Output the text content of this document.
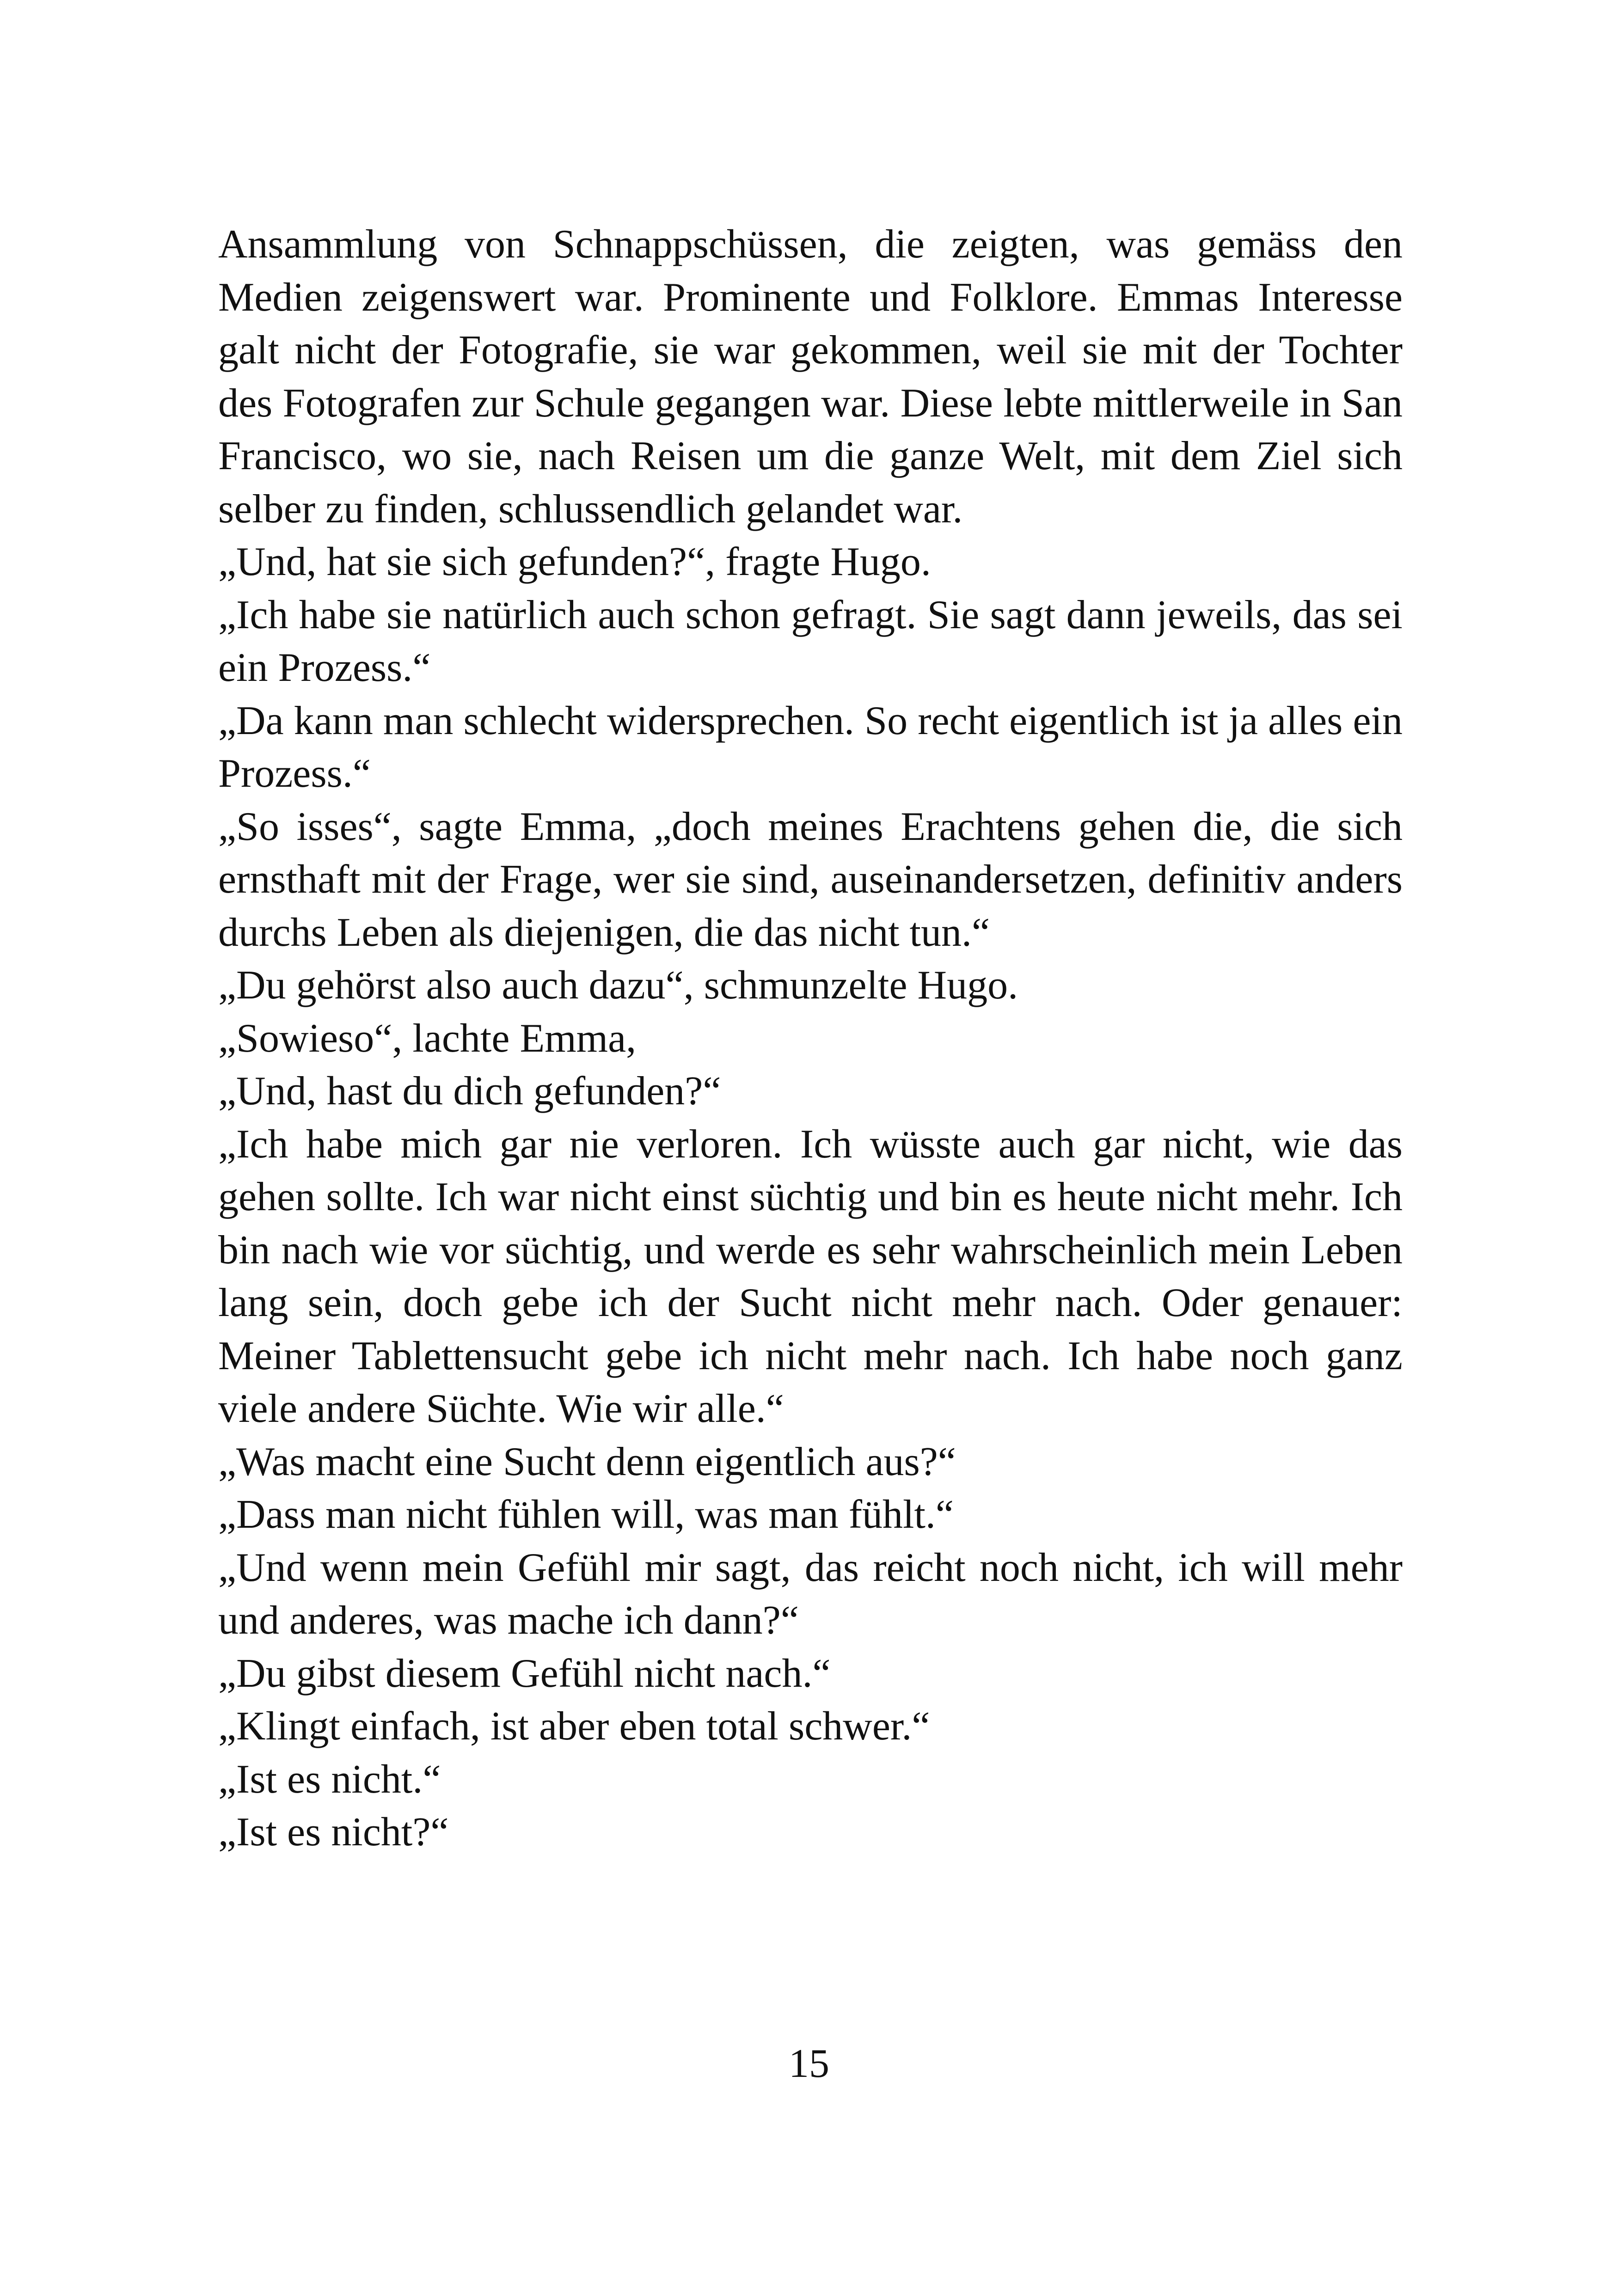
Ansammlung von Schnappschüssen, die zeigten, was gemäss den Medien zeigenswert war. Prominente und Folklore. Emmas Interesse galt nicht der Fotografie, sie war gekommen, weil sie mit der Tochter des Fotografen zur Schule gegangen war. Diese lebte mittlerweile in San Francisco, wo sie, nach Reisen um die ganze Welt, mit dem Ziel sich selber zu finden, schlussendlich gelandet war.

„Und, hat sie sich gefunden?“, fragte Hugo.

„Ich habe sie natürlich auch schon gefragt. Sie sagt dann jeweils, das sei ein Prozess.“

„Da kann man schlecht widersprechen. So recht eigentlich ist ja alles ein Prozess.“

„So isses“, sagte Emma, „doch meines Erachtens gehen die, die sich ernsthaft mit der Frage, wer sie sind, auseinandersetzen, definitiv anders durchs Leben als diejenigen, die das nicht tun.“

„Du gehörst also auch dazu“, schmunzelte Hugo.

„Sowieso“, lachte Emma,

„Und, hast du dich gefunden?“

„Ich habe mich gar nie verloren. Ich wüsste auch gar nicht, wie das gehen sollte. Ich war nicht einst süchtig und bin es heute nicht mehr. Ich bin nach wie vor süchtig, und werde es sehr wahrscheinlich mein Leben lang sein, doch gebe ich der Sucht nicht mehr nach. Oder genauer: Meiner Tablettensucht gebe ich nicht mehr nach. Ich habe noch ganz viele andere Süchte. Wie wir alle.“

„Was macht eine Sucht denn eigentlich aus?“

„Dass man nicht fühlen will, was man fühlt.“

„Und wenn mein Gefühl mir sagt, das reicht noch nicht, ich will mehr und anderes, was mache ich dann?“

„Du gibst diesem Gefühl nicht nach.“

„Klingt einfach, ist aber eben total schwer.“

„Ist es nicht.“

„Ist es nicht?“

15
